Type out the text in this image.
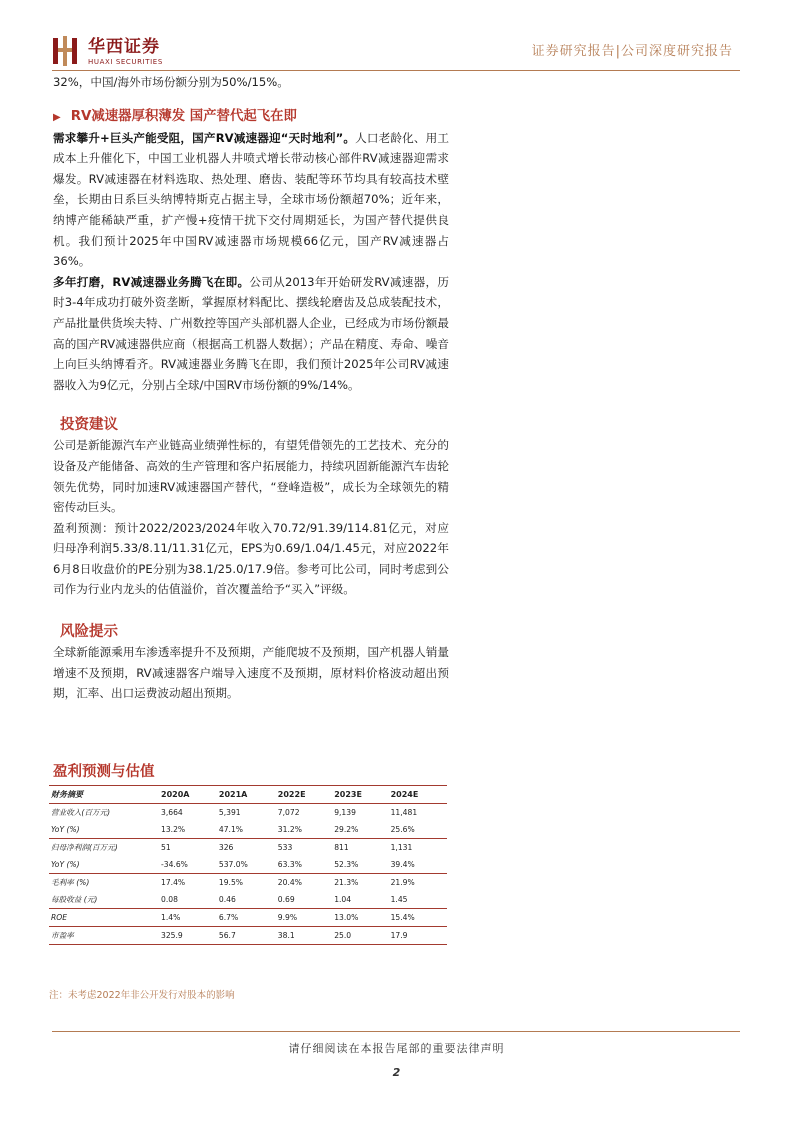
华西证券
HUAXI SECURITIES
证券研究报告|公司深度研究报告

32%，中国/海外市场份额分别为50%/15%。

▶ RV减速器厚积薄发 国产替代起飞在即

需求攀升+巨头产能受阻，国产RV减速器迎“天时地利”。人口老龄化、用工成本上升催化下，中国工业机器人井喷式增长带动核心部件RV减速器迎需求爆发。RV减速器在材料选取、热处理、磨齿、装配等环节均具有较高技术壁垒，长期由日系巨头纳博特斯克占据主导，全球市场份额超70%；近年来，纳博产能稀缺严重，扩产慢+疫情干扰下交付周期延长，为国产替代提供良机。我们预计2025年中国RV减速器市场规模66亿元，国产RV减速器占36%。

多年打磨，RV减速器业务腾飞在即。公司从2013年开始研发RV减速器，历时3-4年成功打破外资垄断，掌握原材料配比、摆线轮磨齿及总成装配技术，产品批量供货埃夫特、广州数控等国产头部机器人企业，已经成为市场份额最高的国产RV减速器供应商（根据高工机器人数据）；产品在精度、寿命、噪音上向巨头纳博看齐。RV减速器业务腾飞在即，我们预计2025年公司RV减速器收入为9亿元，分别占全球/中国RV市场份额的9%/14%。

投资建议

公司是新能源汽车产业链高业绩弹性标的，有望凭借领先的工艺技术、充分的设备及产能储备、高效的生产管理和客户拓展能力，持续巩固新能源汽车齿轮领先优势，同时加速RV减速器国产替代，“登峰造极”，成长为全球领先的精密传动巨头。

盈利预测：预计2022/2023/2024年收入70.72/91.39/114.81亿元，对应归母净利润5.33/8.11/11.31亿元，EPS为0.69/1.04/1.45元，对应2022年6月8日收盘价的PE分别为38.1/25.0/17.9倍。参考可比公司，同时考虑到公司作为行业内龙头的估值溢价，首次覆盖给予“买入”评级。

风险提示

全球新能源乘用车渗透率提升不及预期，产能爬坡不及预期，国产机器人销量增速不及预期，RV减速器客户端导入速度不及预期，原材料价格波动超出预期，汇率、出口运费波动超出预期。

盈利预测与估值
财务摘要	2020A	2021A	2022E	2023E	2024E
营业收入(百万元)	3,664	5,391	7,072	9,139	11,481
YoY (%)	13.2%	47.1%	31.2%	29.2%	25.6%
归母净利润(百万元)	51	326	533	811	1,131
YoY (%)	-34.6%	537.0%	63.3%	52.3%	39.4%
毛利率 (%)	17.4%	19.5%	20.4%	21.3%	21.9%
每股收益 (元)	0.08	0.46	0.69	1.04	1.45
ROE	1.4%	6.7%	9.9%	13.0%	15.4%
市盈率	325.9	56.7	38.1	25.0	17.9
注：未考虑2022年非公开发行对股本的影响
请仔细阅读在本报告尾部的重要法律声明
2
